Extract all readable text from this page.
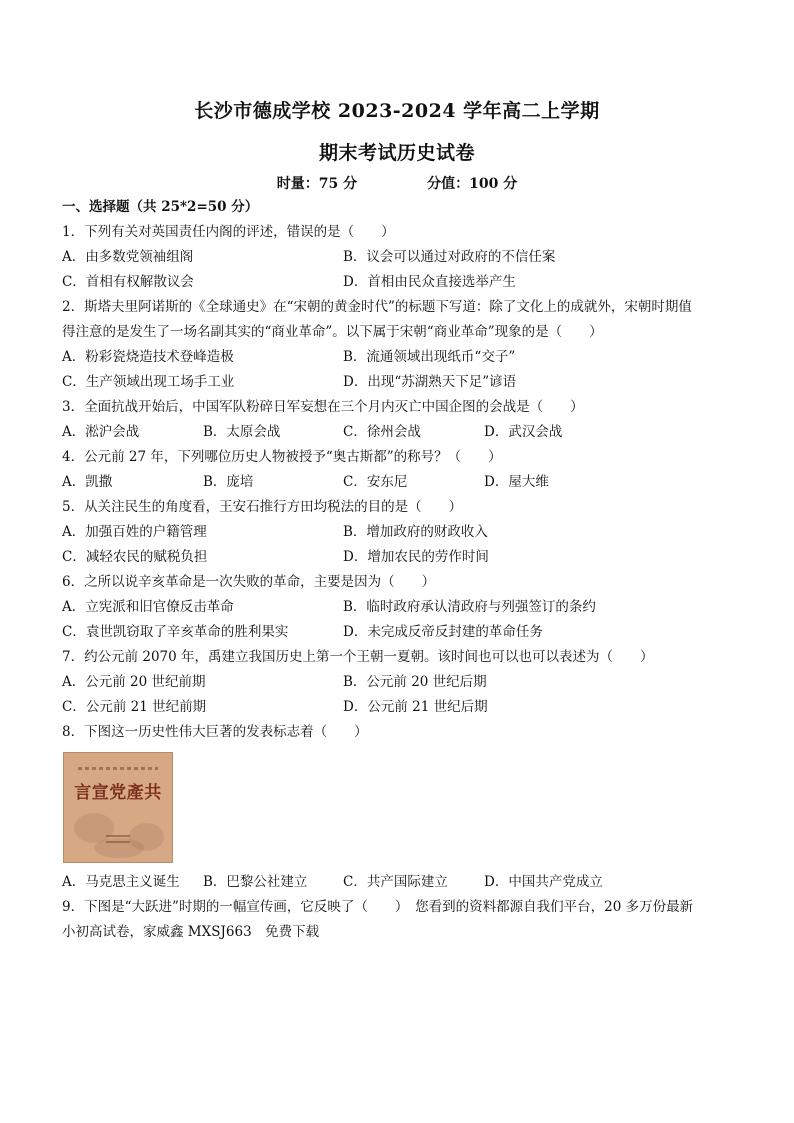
长沙市德成学校 2023-2024 学年高二上学期
期末考试历史试卷
时量：75 分	分值：100 分
一、选择题（共 25*2=50 分）
1．下列有关对英国责任内阁的评述，错误的是（　　）
A．由多数党领袖组阁	B．议会可以通过对政府的不信任案
C．首相有权解散议会	D．首相由民众直接选举产生
2．斯塔夫里阿诺斯的《全球通史》在“宋朝的黄金时代”的标题下写道：除了文化上的成就外，宋朝时期值
得注意的是发生了一场名副其实的“商业革命”。以下属于宋朝“商业革命”现象的是（　　）
A．粉彩瓷烧造技术登峰造极	B．流通领域出现纸币“交子”
C．生产领域出现工场手工业	D．出现“苏湖熟天下足”谚语
3．全面抗战开始后，中国军队粉碎日军妄想在三个月内灭亡中国企图的会战是（　　）
A．淞沪会战	B．太原会战	C．徐州会战	D．武汉会战
4．公元前 27 年，下列哪位历史人物被授予“奥古斯都”的称号？（　　）
A．凯撒	B．庞培	C．安东尼	D．屋大维
5．从关注民生的角度看，王安石推行方田均税法的目的是（　　）
A．加强百姓的户籍管理	B．增加政府的财政收入
C．减轻农民的赋税负担	D．增加农民的劳作时间
6．之所以说辛亥革命是一次失败的革命，主要是因为（　　）
A．立宪派和旧官僚反击革命	B．临时政府承认清政府与列强签订的条约
C．袁世凯窃取了辛亥革命的胜利果实	D．未完成反帝反封建的革命任务
7．约公元前 2070 年，禹建立我国历史上第一个王朝一夏朝。该时间也可以也可以表述为（　　）
A．公元前 20 世纪前期	B．公元前 20 世纪后期
C．公元前 21 世纪前期	D．公元前 21 世纪后期
8．下图这一历史性伟大巨著的发表标志着（　　）
言宣党產共
A．马克思主义诞生 B．巴黎公社建立	C．共产国际建立	D．中国共产党成立
9．下图是“大跃进”时期的一幅宣传画，它反映了（　　）　您看到的资料都源自我们平台，20 多万份最新
小初高试卷，家威鑫 MXSJ663　免费下载
